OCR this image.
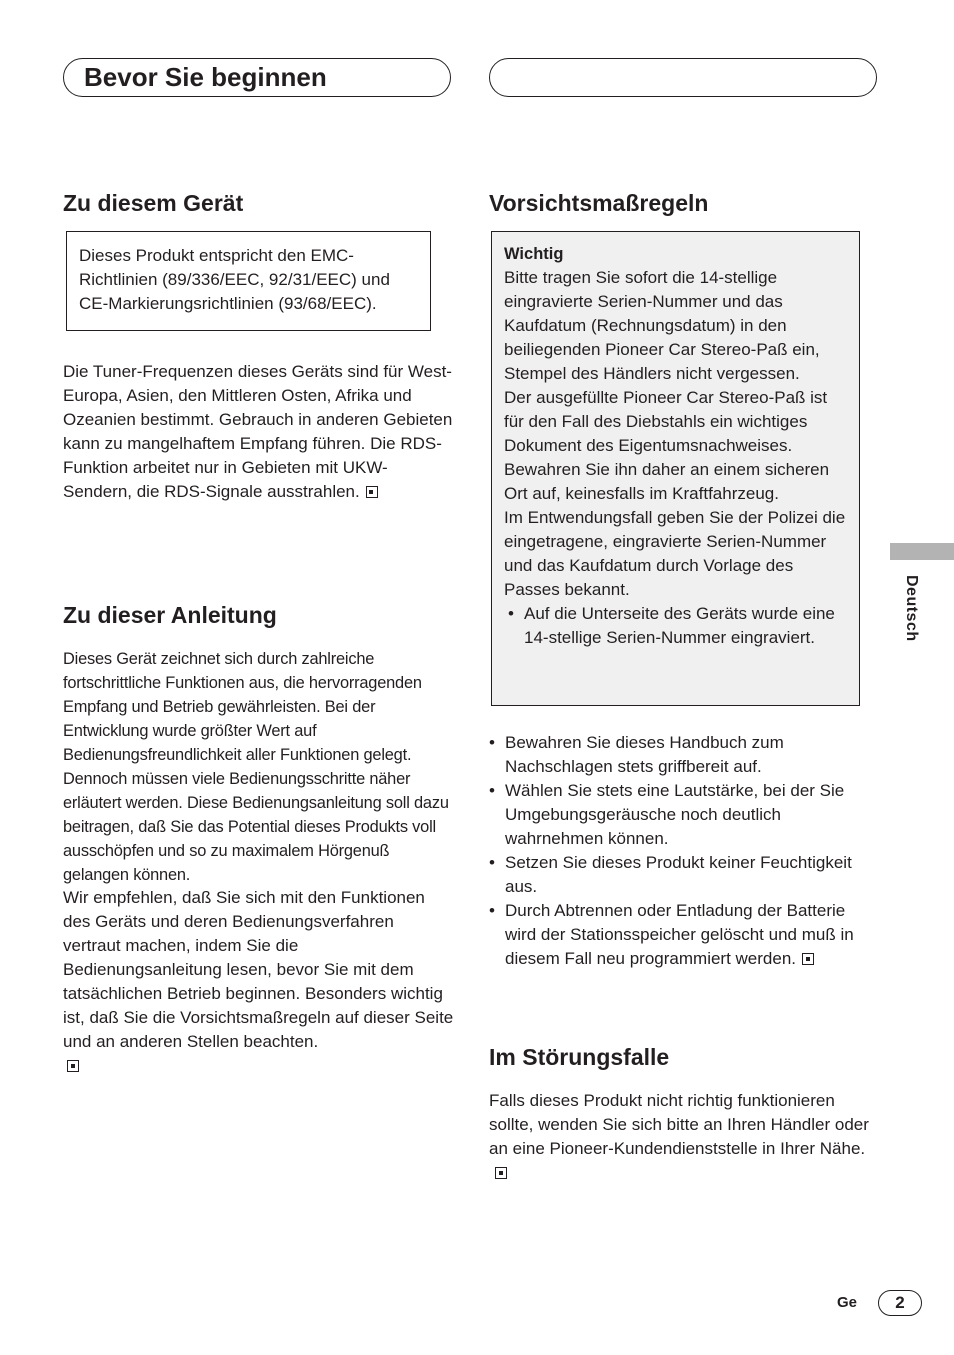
Bevor Sie beginnen
Zu diesem Gerät
Dieses Produkt entspricht den EMC-Richtlinien (89/336/EEC, 92/31/EEC) und CE-Markierungsrichtlinien (93/68/EEC).

Die Tuner-Frequenzen dieses Geräts sind für West-Europa, Asien, den Mittleren Osten, Afrika und Ozeanien bestimmt. Gebrauch in anderen Gebieten kann zu mangelhaftem Empfang führen. Die RDS-Funktion arbeitet nur in Gebieten mit UKW-Sendern, die RDS-Signale ausstrahlen.

Zu dieser Anleitung

Dieses Gerät zeichnet sich durch zahlreiche fortschrittliche Funktionen aus, die hervorragenden Empfang und Betrieb gewährleisten. Bei der Entwicklung wurde größter Wert auf Bedienungsfreundlichkeit aller Funktionen gelegt. Dennoch müssen viele Bedienungsschritte näher erläutert werden. Diese Bedienungsanleitung soll dazu beitragen, daß Sie das Potential dieses Produkts voll ausschöpfen und so zu maximalem Hörgenuß gelangen können.

Wir empfehlen, daß Sie sich mit den Funktionen des Geräts und deren Bedienungsverfahren vertraut machen, indem Sie die Bedienungsanleitung lesen, bevor Sie mit dem tatsächlichen Betrieb beginnen. Besonders wichtig ist, daß Sie die Vorsichtsmaßregeln auf dieser Seite und an anderen Stellen beachten.

Vorsichtsmaßregeln
Wichtig
Bitte tragen Sie sofort die 14-stellige eingravierte Serien-Nummer und das Kaufdatum (Rechnungsdatum) in den beiliegenden Pioneer Car Stereo-Paß ein, Stempel des Händlers nicht vergessen.
Der ausgefüllte Pioneer Car Stereo-Paß ist für den Fall des Diebstahls ein wichtiges Dokument des Eigentumsnachweises. Bewahren Sie ihn daher an einem sicheren Ort auf, keinesfalls im Kraftfahrzeug.
Im Entwendungsfall geben Sie der Polizei die eingetragene, eingravierte Serien-Nummer und das Kaufdatum durch Vorlage des Passes bekannt.
• Auf die Unterseite des Geräts wurde eine 14-stellige Serien-Nummer eingraviert.
• Bewahren Sie dieses Handbuch zum Nachschlagen stets griffbereit auf.
• Wählen Sie stets eine Lautstärke, bei der Sie Umgebungsgeräusche noch deutlich wahrnehmen können.
• Setzen Sie dieses Produkt keiner Feuchtigkeit aus.
• Durch Abtrennen oder Entladung der Batterie wird der Stationsspeicher gelöscht und muß in diesem Fall neu programmiert werden.
Im Störungsfalle

Falls dieses Produkt nicht richtig funktionieren sollte, wenden Sie sich bitte an Ihren Händler oder an eine Pioneer-Kundendienststelle in Ihrer Nähe.

Deutsch
Ge	2
